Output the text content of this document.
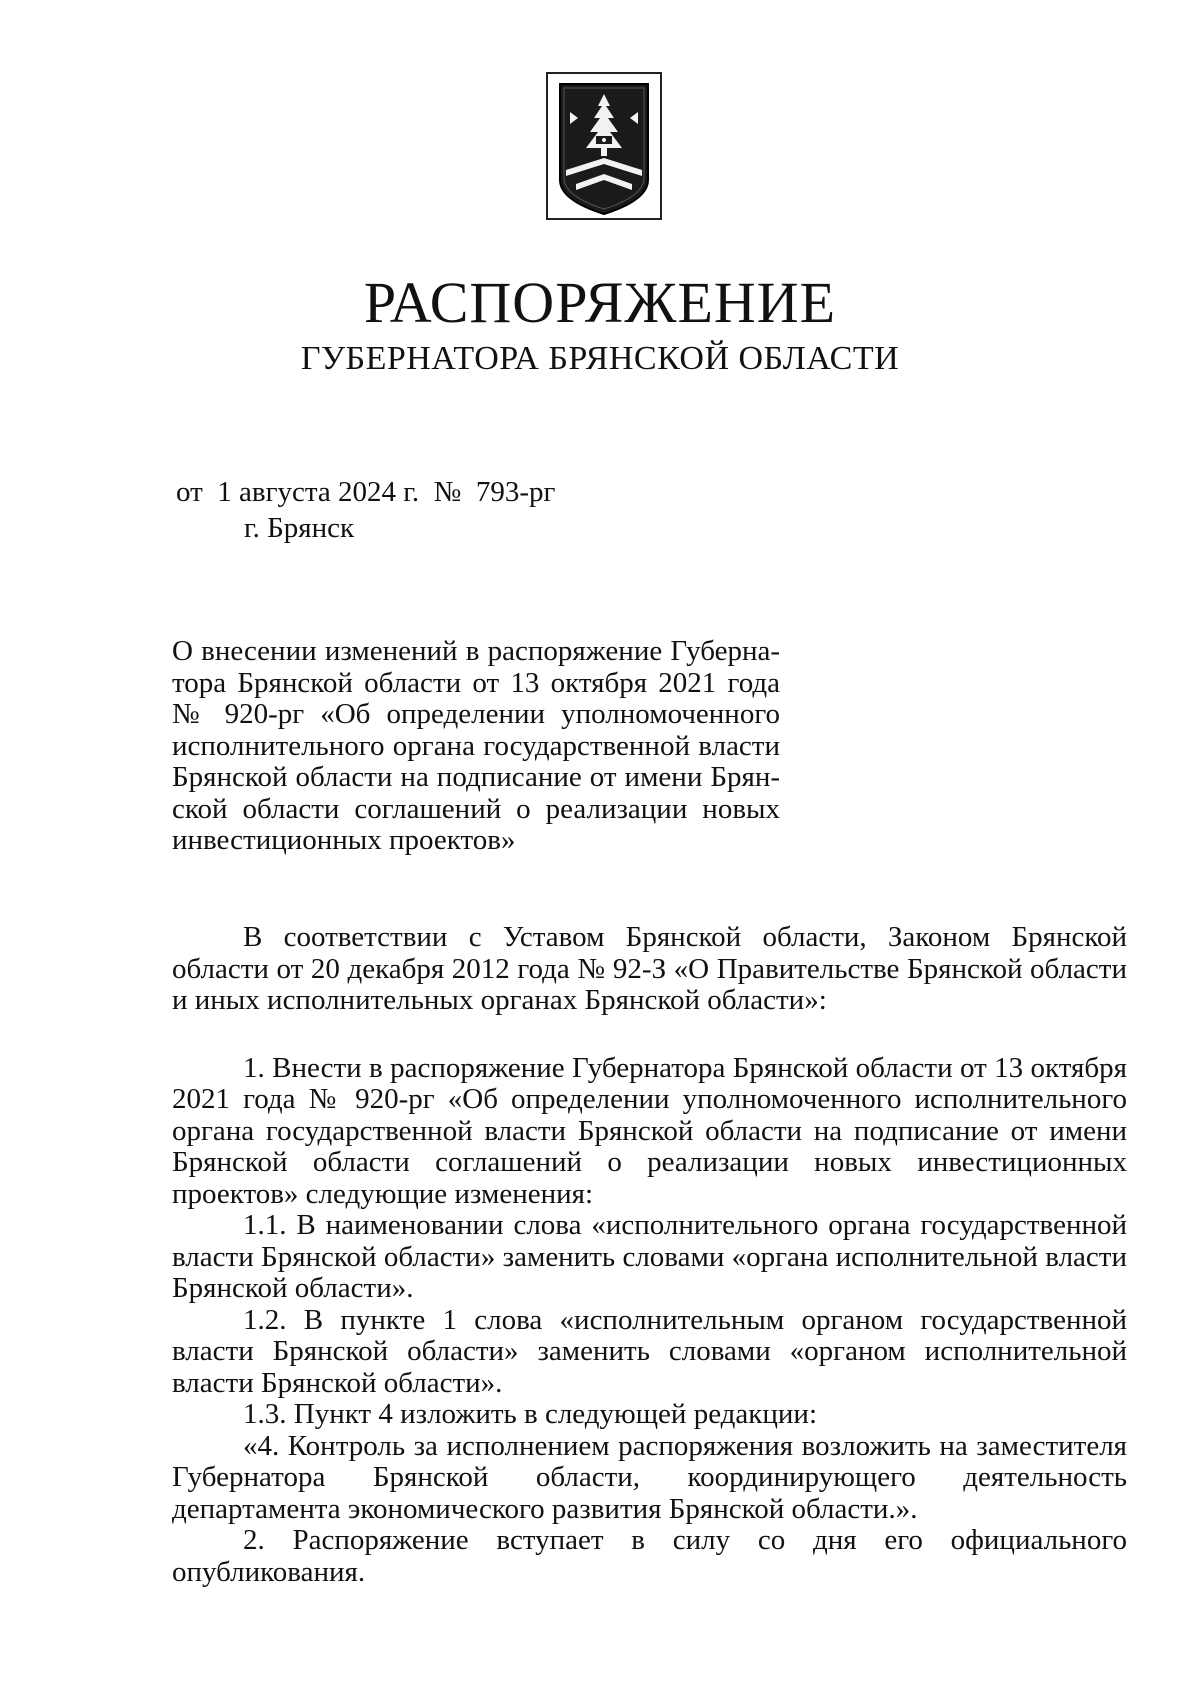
РАСПОРЯЖЕНИЕ
ГУБЕРНАТОРА БРЯНСКОЙ ОБЛАСТИ
от  1 августа 2024 г.  №  793-рг
г. Брянск
О внесении изменений в распоряжение Губерна-
тора Брянской области от 13 октября 2021 года
№ 920-рг «Об определении уполномоченного
исполнительного органа государственной власти
Брянской области на подписание от имени Брян-
ской области соглашений о реализации новых
инвестиционных проектов»

В соответствии с Уставом Брянской области, Законом Брянской области от 20 декабря 2012 года № 92-З «О Правительстве Брянской области и иных исполнительных органах Брянской области»:

1. Внести в распоряжение Губернатора Брянской области от 13 октября 2021 года № 920-рг «Об определении уполномоченного исполнительного органа государственной власти Брянской области на подписание от имени Брянской области соглашений о реализации новых инвестиционных проектов» следующие изменения:

1.1. В наименовании слова «исполнительного органа государственной власти Брянской области» заменить словами «органа исполнительной власти Брянской области».

1.2. В пункте 1 слова «исполнительным органом государственной власти Брянской области» заменить словами «органом исполнительной власти Брянской области».

1.3. Пункт 4 изложить в следующей редакции:

«4. Контроль за исполнением распоряжения возложить на заместителя Губернатора Брянской области, координирующего деятельность департамента экономического развития Брянской области.».

2. Распоряжение вступает в силу со дня его официального опубликования.
